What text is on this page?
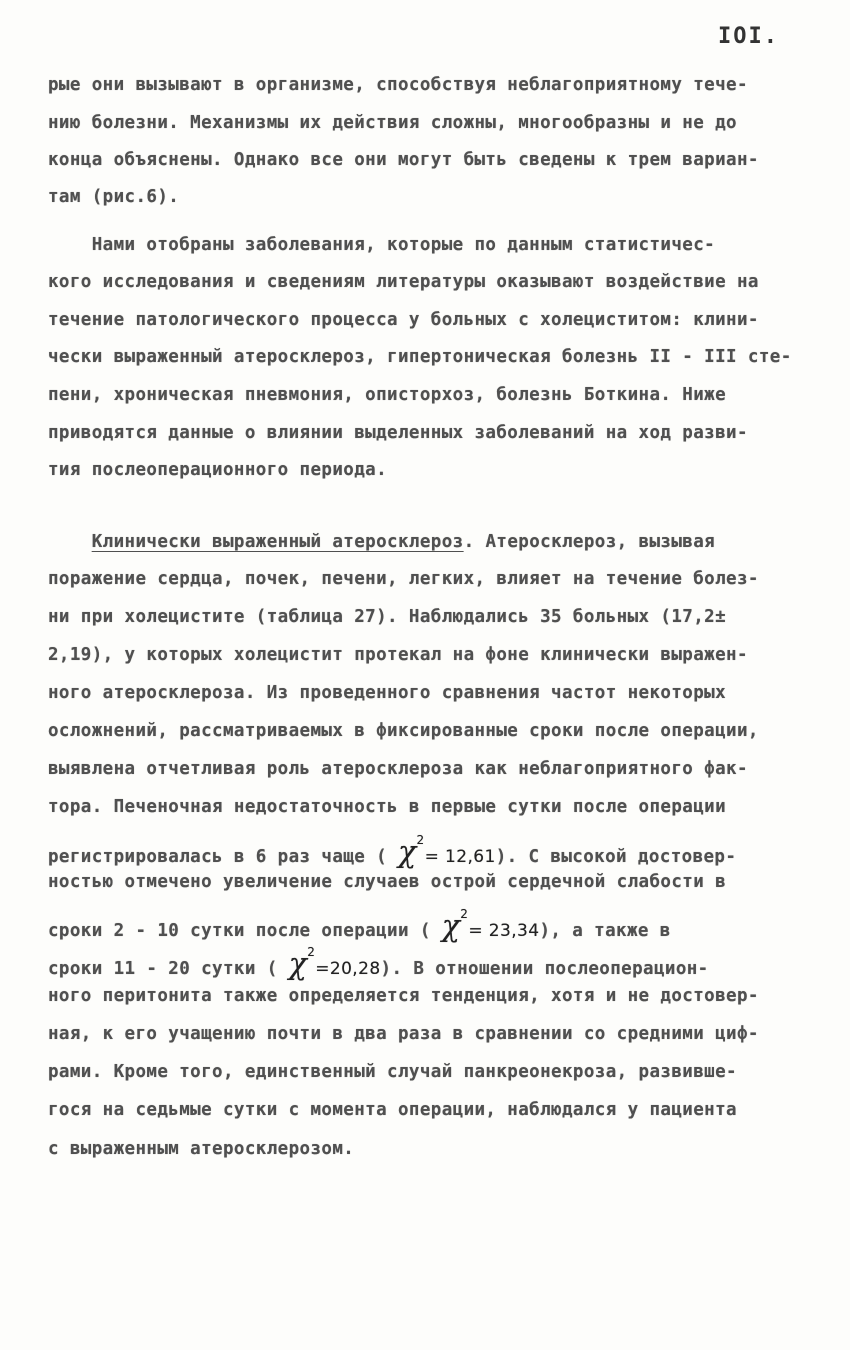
IOI.
рые они вызывают в организме, способствуя неблагоприятному тече-
нию болезни. Механизмы их действия сложны, многообразны и не до
конца объяснены. Однако все они могут быть сведены к трем вариан-
там (рис.6).
Нами отобраны заболевания, которые по данным статистичес-
кого исследования и сведениям литературы оказывают воздействие на
течение патологического процесса у больных с холециститом: клини-
чески выраженный атеросклероз, гипертоническая болезнь II - III сте-
пени, хроническая пневмония, описторхоз, болезнь Боткина. Ниже
приводятся данные о влиянии выделенных заболеваний на ход разви-
тия послеоперационного периода.
Клинически выраженный атеросклероз. Атеросклероз, вызывая
поражение сердца, почек, печени, легких, влияет на течение болез-
ни при холецистите (таблица 27). Наблюдались 35 больных (17,2±
2,19), у которых холецистит протекал на фоне клинически выражен-
ного атеросклероза. Из проведенного сравнения частот некоторых
осложнений, рассматриваемых в фиксированные сроки после операции,
выявлена отчетливая роль атеросклероза как неблагоприятного фак-
тора. Печеночная недостаточность в первые сутки после операции
регистрировалась в 6 раз чаще ( $\chi^2= 12,61$). С высокой достовер-
ностью отмечено увеличение случаев острой сердечной слабости в
сроки 2 - 10 сутки после операции ( $\chi^2= 23,34$), а также в
сроки 11 - 20 сутки ( $\chi^2=20,28$). В отношении послеоперацион-
ного перитонита также определяется тенденция, хотя и не достовер-
ная, к его учащению почти в два раза в сравнении со средними циф-
рами. Кроме того, единственный случай панкреонекроза, развивше-
гося на седьмые сутки с момента операции, наблюдался у пациента
с выраженным атеросклерозом.
